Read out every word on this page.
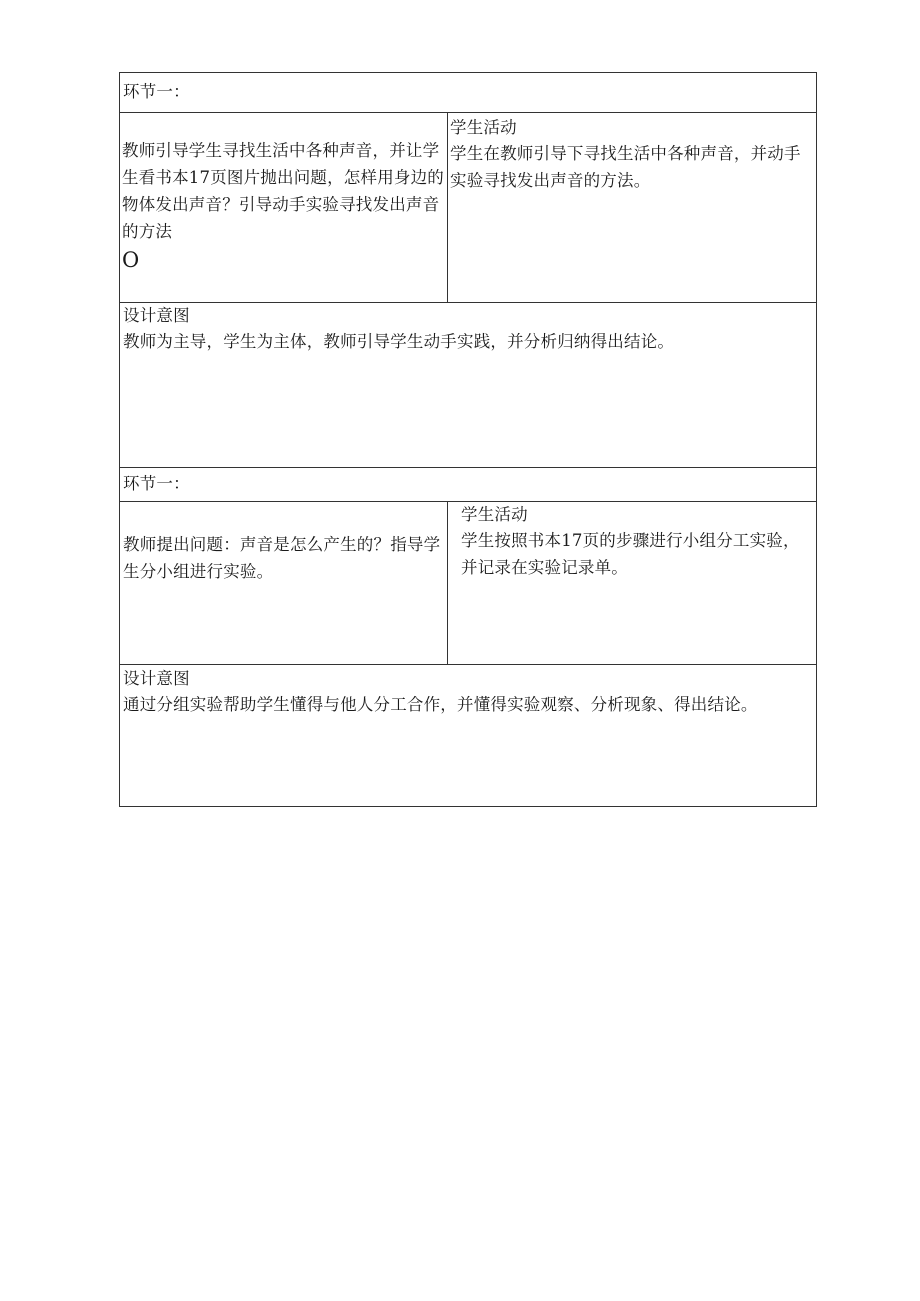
环节一：

教师引导学生寻找生活中各种声音，并让学生看书本17页图片抛出问题，怎样用身边的物体发出声音？引导动手实验寻找发出声音的方法

O

学生活动

学生在教师引导下寻找生活中各种声音，并动手实验寻找发出声音的方法。

设计意图

教师为主导，学生为主体，教师引导学生动手实践，并分析归纳得出结论。

环节一：

教师提出问题：声音是怎么产生的？指导学生分小组进行实验。

学生活动

学生按照书本17页的步骤进行小组分工实验，并记录在实验记录单。

设计意图

通过分组实验帮助学生懂得与他人分工合作，并懂得实验观察、分析现象、得出结论。
